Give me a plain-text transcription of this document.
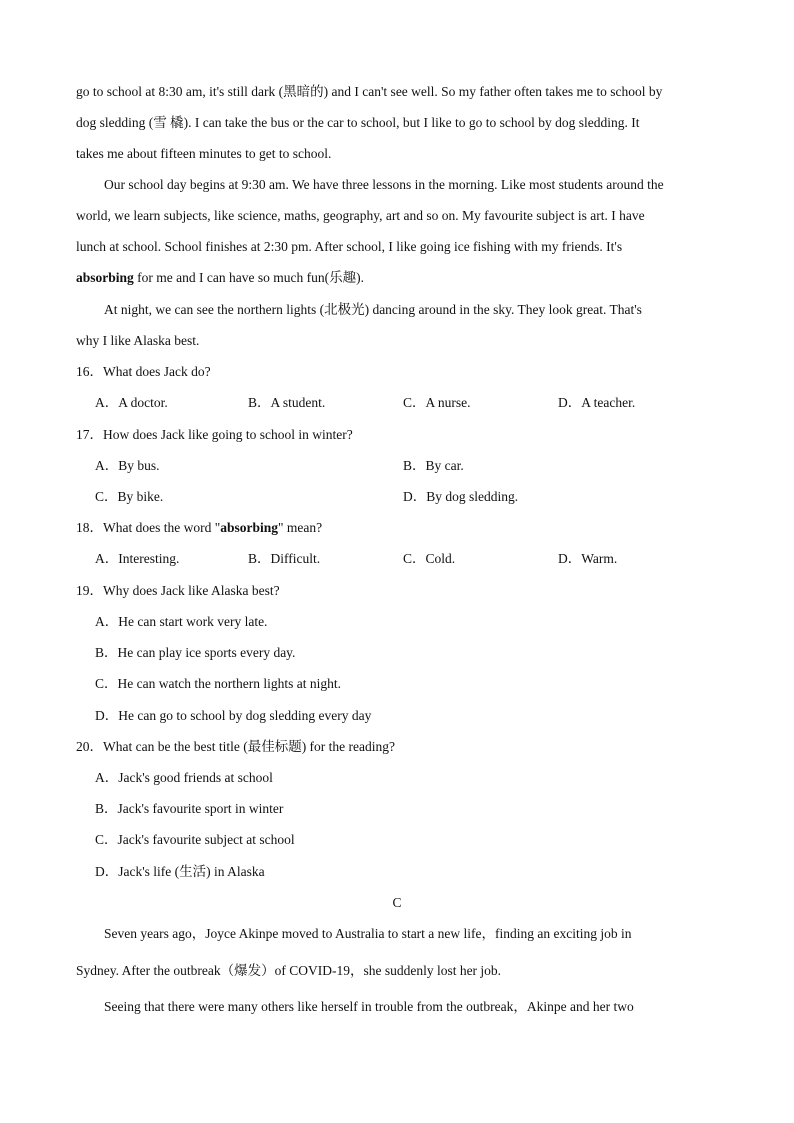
go to school at 8:30 am, it's still dark (黑暗的) and I can't see well. So my father often takes me to school by
dog sledding (雪 橇). I can take the bus or the car to school, but I like to go to school by dog sledding. It
takes me about fifteen minutes to get to school.
Our school day begins at 9:30 am. We have three lessons in the morning. Like most students around the
world, we learn subjects, like science, maths, geography, art and so on. My favourite subject is art. I have
lunch at school. School finishes at 2:30 pm. After school, I like going ice fishing with my friends. It's
absorbing for me and I can have so much fun(乐趣).
At night, we can see the northern lights (北极光) dancing around in the sky. They look great. That's
why I like Alaska best.
16．What does Jack do?
A．A doctor.	B．A student.	C．A nurse.	D．A teacher.
17．How does Jack like going to school in winter?
A．By bus.	B．By car.
C．By bike.	D．By dog sledding.
18．What does the word "absorbing" mean?
A．Interesting.	B．Difficult.	C．Cold.	D．Warm.
19．Why does Jack like Alaska best?
A．He can start work very late.
B．He can play ice sports every day.
C．He can watch the northern lights at night.
D．He can go to school by dog sledding every day
20．What can be the best title (最佳标题) for the reading?
A．Jack's good friends at school
B．Jack's favourite sport in winter
C．Jack's favourite subject at school
D．Jack's life (生活) in Alaska
C
Seven years ago，Joyce Akinpe moved to Australia to start a new life，finding an exciting job in
Sydney. After the outbreak（爆发）of COVID-19，she suddenly lost her job.
Seeing that there were many others like herself in trouble from the outbreak，Akinpe and her two
